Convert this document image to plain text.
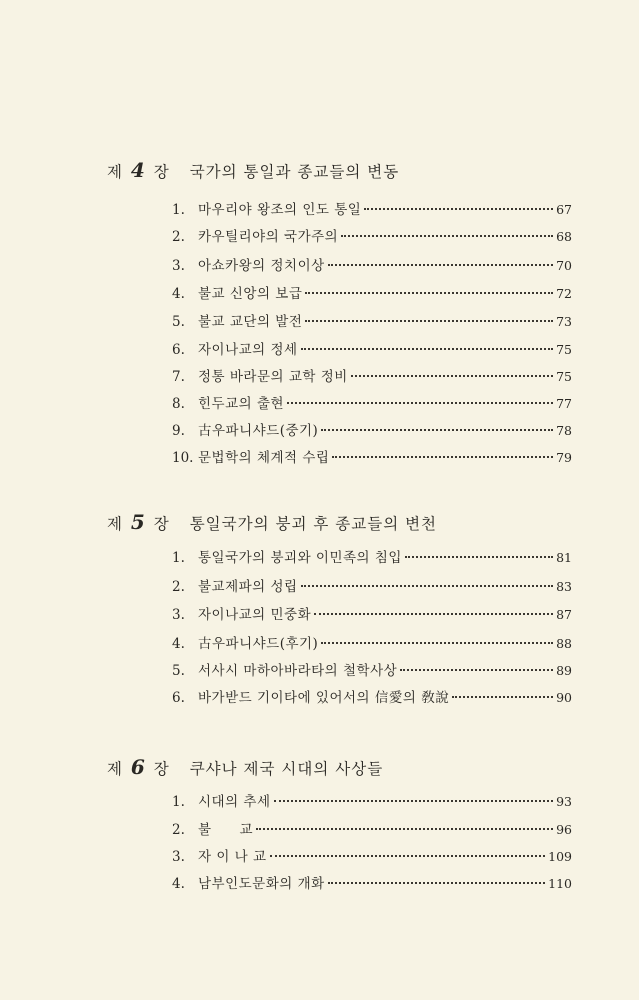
제 4 장 국가의 통일과 종교들의 변동
1. 마우리야 왕조의 인도 통일	67
2. 카우틸리야의 국가주의	68
3. 아쇼카왕의 정치이상	70
4. 불교 신앙의 보급	72
5. 불교 교단의 발전	73
6. 자이나교의 정세	75
7. 정통 바라문의 교학 정비	75
8. 힌두교의 출현	77
9. 古우파니샤드(중기)	78
10. 문법학의 체계적 수립	79
제 5 장 통일국가의 붕괴 후 종교들의 변천
1. 통일국가의 붕괴와 이민족의 침입	81
2. 불교제파의 성립	83
3. 자이나교의 민중화	87
4. 古우파니샤드(후기)	88
5. 서사시 마하아바라타의 철학사상	89
6. 바가받드 기이타에 있어서의 信愛의 敎說	90
제 6 장 쿠샤나 제국 시대의 사상들
1. 시대의 추세	93
2. 불　　교	96
3. 자 이 나 교	109
4. 남부인도문화의 개화	110
